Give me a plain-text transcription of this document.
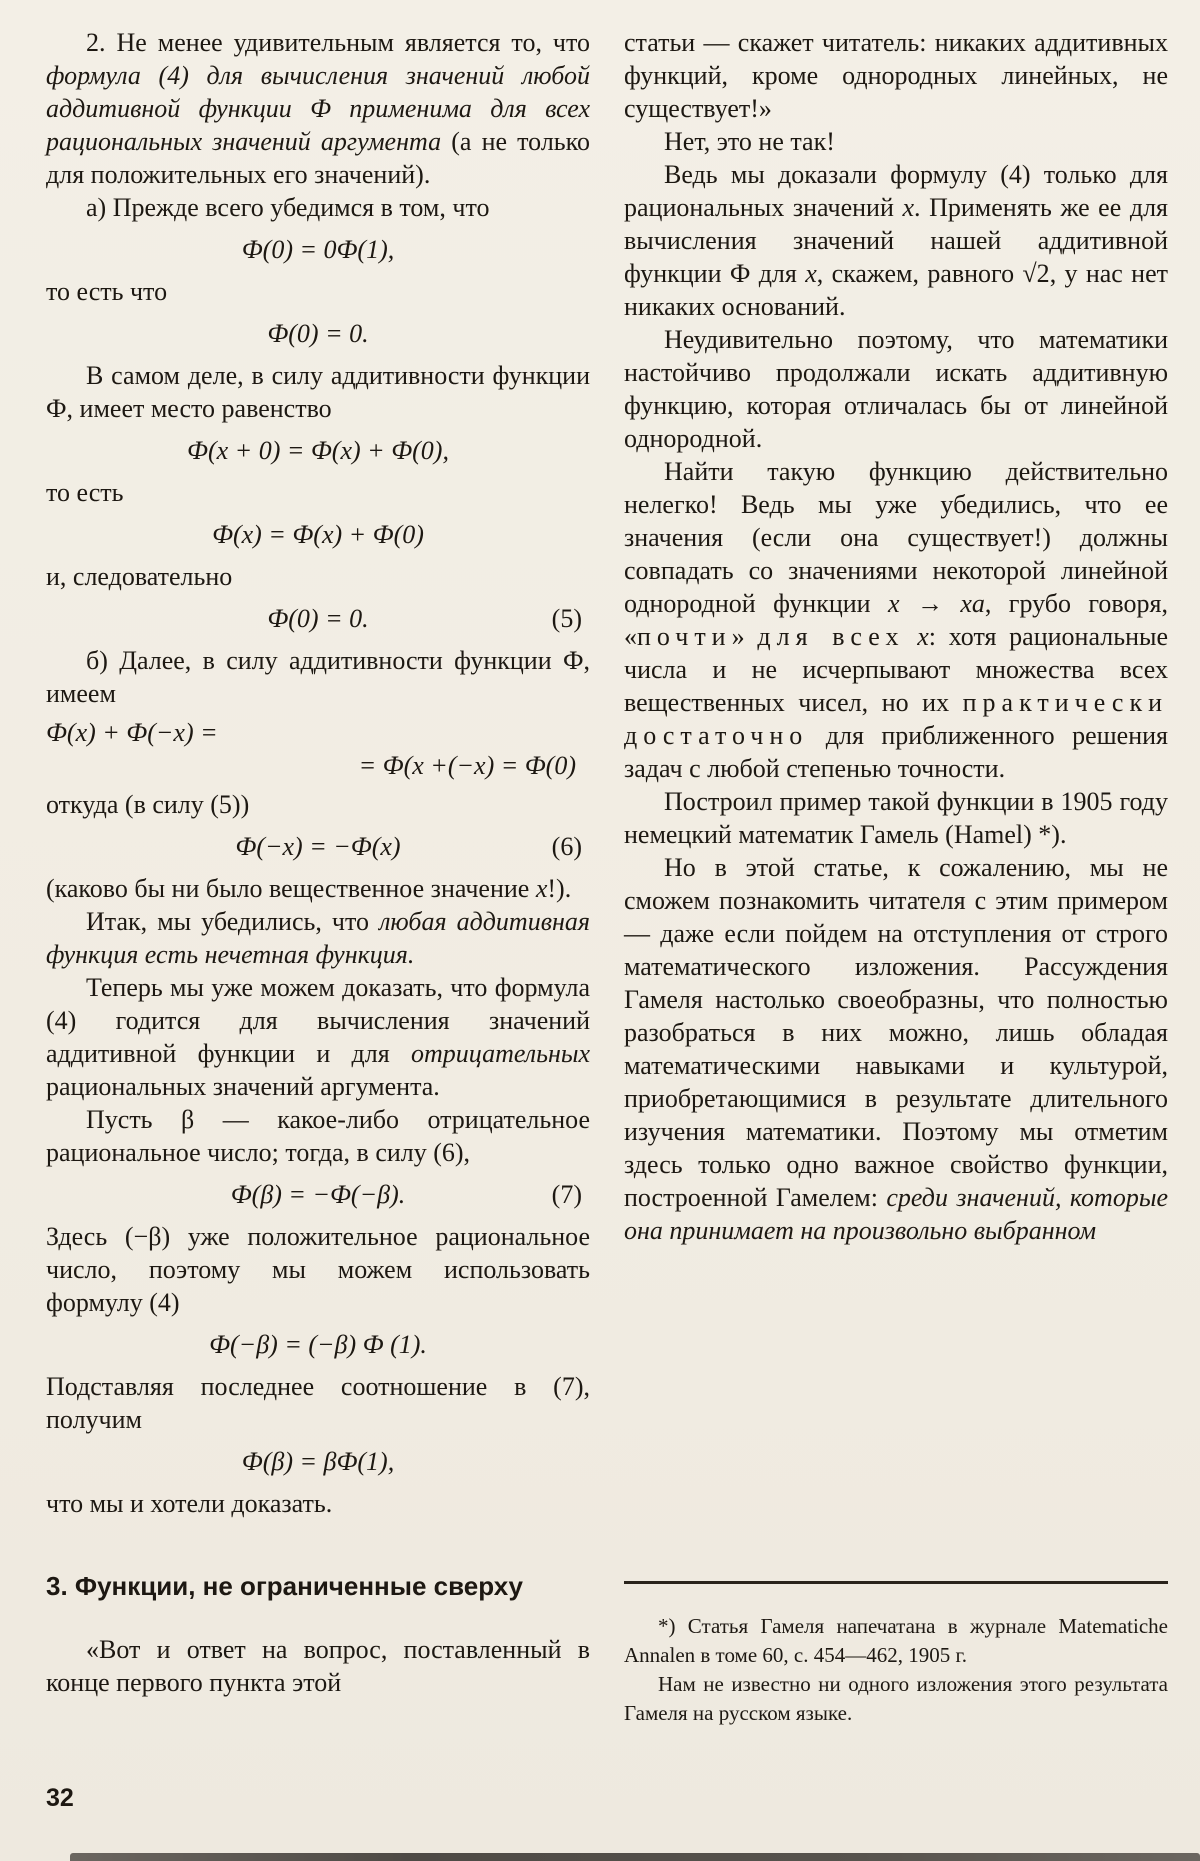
2. Не менее удивительным является то, что формула (4) для вычисления значений любой аддитивной функции Ф применима для всех рациональных значений аргумента (а не только для положительных его значений).

а) Прежде всего убедимся в том, что

Ф(0) = 0Ф(1),

то есть что

Ф(0) = 0.

В самом деле, в силу аддитивности функции Ф, имеет место равенство

Ф(x + 0) = Ф(x) + Ф(0),

то есть

Ф(x) = Ф(x) + Ф(0)

и, следовательно

Ф(0) = 0.	(5)

б) Далее, в силу аддитивности функции Ф, имеем

Ф(x) + Ф(−x) =
= Ф(x +(−x) = Ф(0)

откуда (в силу (5))

Ф(−x) = −Ф(x)	(6)

(каково бы ни было вещественное значение x!).

Итак, мы убедились, что любая аддитивная функция есть нечетная функция.

Теперь мы уже можем доказать, что формула (4) годится для вычисления значений аддитивной функции и для отрицательных рациональных значений аргумента.

Пусть β — какое-либо отрицательное рациональное число; тогда, в силу (6),

Ф(β) = −Ф(−β).	(7)

Здесь (−β) уже положительное рациональное число, поэтому мы можем использовать формулу (4)

Ф(−β) = (−β) Ф (1).

Подставляя последнее соотношение в (7), получим

Ф(β) = βФ(1),

что мы и хотели доказать.

3. Функции, не ограниченные сверху

«Вот и ответ на вопрос, поставленный в конце первого пункта этой

статьи — скажет читатель: никаких аддитивных функций, кроме однородных линейных, не существует!»

Нет, это не так!

Ведь мы доказали формулу (4) только для рациональных значений x. Применять же ее для вычисления значений нашей аддитивной функции Ф для x, скажем, равного √2, у нас нет никаких оснований.

Неудивительно поэтому, что математики настойчиво продолжали искать аддитивную функцию, которая отличалась бы от линейной однородной.

Найти такую функцию действительно нелегко! Ведь мы уже убедились, что ее значения (если она существует!) должны совпадать со значениями некоторой линейной однородной функции x → xa, грубо говоря, «почти» для всех x: хотя рациональные числа и не исчерпывают множества всех вещественных чисел, но их практически достаточно для приближенного решения задач с любой степенью точности.

Построил пример такой функции в 1905 году немецкий математик Гамель (Hamel) *).

Но в этой статье, к сожалению, мы не сможем познакомить читателя с этим примером — даже если пойдем на отступления от строго математического изложения. Рассуждения Гамеля настолько своеобразны, что полностью разобраться в них можно, лишь обладая математическими навыками и культурой, приобретающимися в результате длительного изучения математики. Поэтому мы отметим здесь только одно важное свойство функции, построенной Гамелем: среди значений, которые она принимает на произвольно выбранном

*) Статья Гамеля напечатана в журнале Matematiche Annalen в томе 60, с. 454—462, 1905 г.

Нам не известно ни одного изложения этого результата Гамеля на русском языке.

32
